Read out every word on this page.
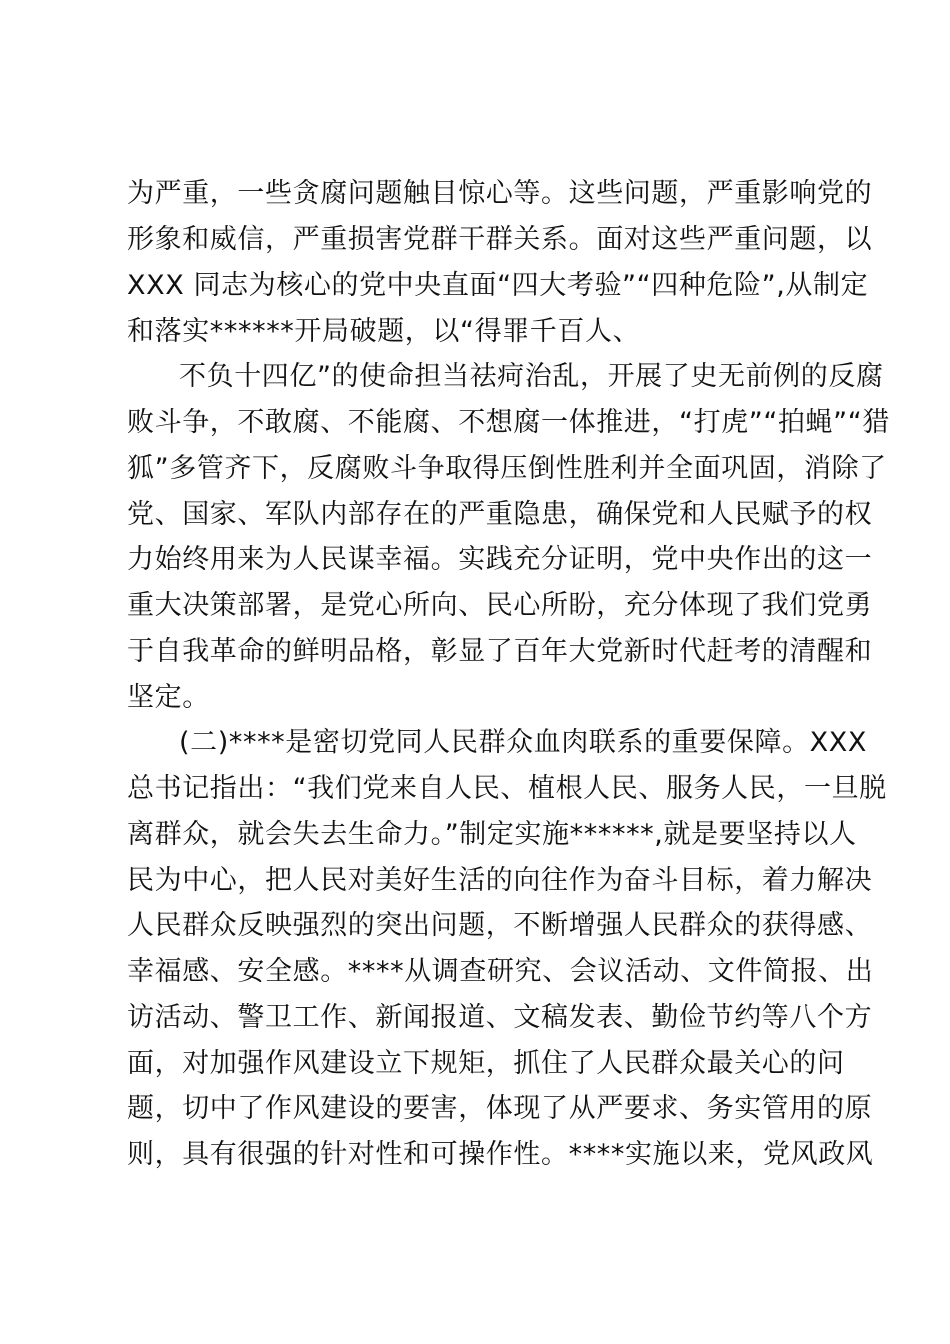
为严重，一些贪腐问题触目惊心等。这些问题，严重影响党的
形象和威信，严重损害党群干群关系。面对这些严重问题，以
XXX 同志为核心的党中央直面“四大考验”“四种危险”,从制定
和落实******开局破题，以“得罪千百人、
不负十四亿”的使命担当祛疴治乱，开展了史无前例的反腐
败斗争，不敢腐、不能腐、不想腐一体推进，“打虎”“拍蝇”“猎
狐”多管齐下，反腐败斗争取得压倒性胜利并全面巩固，消除了
党、国家、军队内部存在的严重隐患，确保党和人民赋予的权
力始终用来为人民谋幸福。实践充分证明，党中央作出的这一
重大决策部署，是党心所向、民心所盼，充分体现了我们党勇
于自我革命的鲜明品格，彰显了百年大党新时代赶考的清醒和
坚定。
(二)****是密切党同人民群众血肉联系的重要保障。XXX
总书记指出：“我们党来自人民、植根人民、服务人民，一旦脱
离群众，就会失去生命力。”制定实施******,就是要坚持以人
民为中心，把人民对美好生活的向往作为奋斗目标，着力解决
人民群众反映强烈的突出问题，不断增强人民群众的获得感、
幸福感、安全感。****从调查研究、会议活动、文件简报、出
访活动、警卫工作、新闻报道、文稿发表、勤俭节约等八个方
面，对加强作风建设立下规矩，抓住了人民群众最关心的问
题，切中了作风建设的要害，体现了从严要求、务实管用的原
则，具有很强的针对性和可操作性。****实施以来，党风政风
